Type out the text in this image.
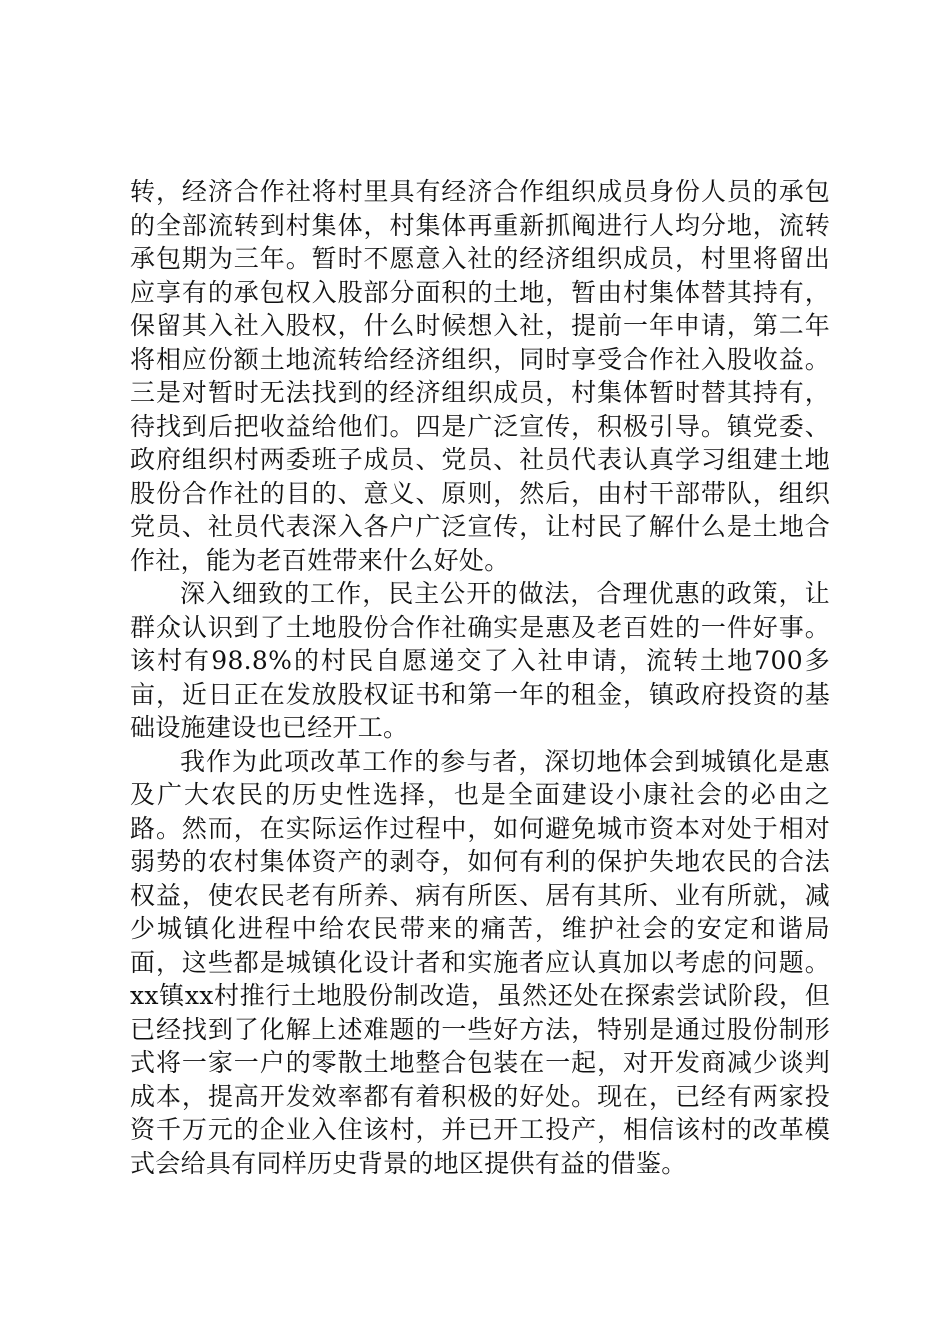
转，经济合作社将村里具有经济合作组织成员身份人员的承包的全部流转到村集体，村集体再重新抓阄进行人均分地，流转承包期为三年。暂时不愿意入社的经济组织成员，村里将留出应享有的承包权入股部分面积的土地，暂由村集体替其持有，保留其入社入股权，什么时候想入社，提前一年申请，第二年将相应份额土地流转给经济组织，同时享受合作社入股收益。三是对暂时无法找到的经济组织成员，村集体暂时替其持有，待找到后把收益给他们。四是广泛宣传，积极引导。镇党委、政府组织村两委班子成员、党员、社员代表认真学习组建土地股份合作社的目的、意义、原则，然后，由村干部带队，组织党员、社员代表深入各户广泛宣传，让村民了解什么是土地合作社，能为老百姓带来什么好处。

深入细致的工作，民主公开的做法，合理优惠的政策，让群众认识到了土地股份合作社确实是惠及老百姓的一件好事。该村有98.8%的村民自愿递交了入社申请，流转土地700多亩，近日正在发放股权证书和第一年的租金，镇政府投资的基础设施建设也已经开工。

我作为此项改革工作的参与者，深切地体会到城镇化是惠及广大农民的历史性选择，也是全面建设小康社会的必由之路。然而，在实际运作过程中，如何避免城市资本对处于相对弱势的农村集体资产的剥夺，如何有利的保护失地农民的合法权益，使农民老有所养、病有所医、居有其所、业有所就，减少城镇化进程中给农民带来的痛苦，维护社会的安定和谐局面，这些都是城镇化设计者和实施者应认真加以考虑的问题。xx镇xx村推行土地股份制改造，虽然还处在探索尝试阶段，但已经找到了化解上述难题的一些好方法，特别是通过股份制形式将一家一户的零散土地整合包装在一起，对开发商减少谈判成本，提高开发效率都有着积极的好处。现在，已经有两家投资千万元的企业入住该村，并已开工投产，相信该村的改革模式会给具有同样历史背景的地区提供有益的借鉴。
